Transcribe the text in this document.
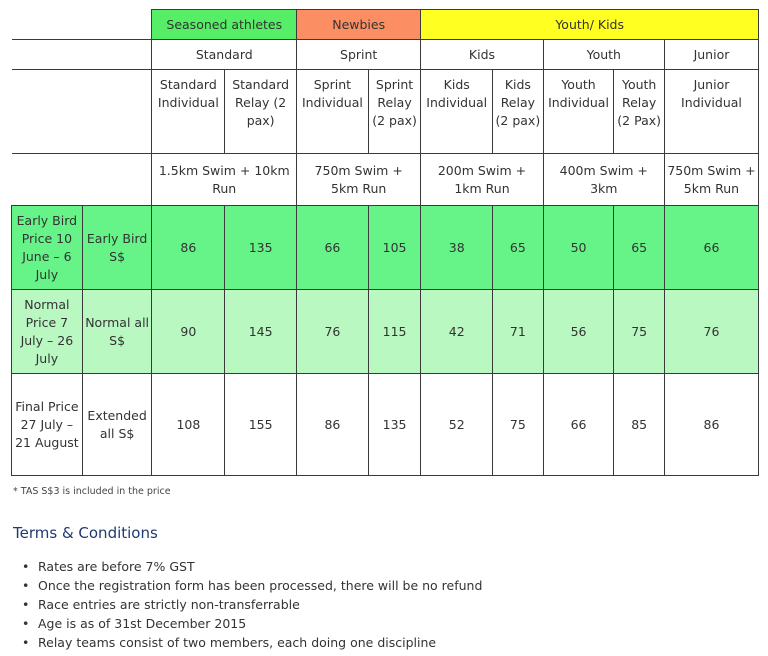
		Seasoned athletes		Newbies		Youth/ Kids				
		Standard		Sprint		Kids		Youth		Junior
		Standard Individual	Standard Relay (2 pax)	Sprint Individual	Sprint Relay (2 pax)	Kids Individual	Kids Relay (2 pax)	Youth Individual	Youth Relay (2 Pax)	Junior Individual
		1.5km Swim + 10km Run		750m Swim + 5km Run		200m Swim + 1km Run		400m Swim + 3km		750m Swim + 5km Run
Early Bird Price 10 June – 6 July	Early Bird S$	86	135	66	105	38	65	50	65	66
Normal Price 7 July – 26 July	Normal all S$	90	145	76	115	42	71	56	75	76
Final Price 27 July – 21 August	Extended all S$	108	155	86	135	52	75	66	85	86
* TAS S$3 is included in the price
Terms & Conditions
• Rates are before 7% GST
• Once the registration form has been processed, there will be no refund
• Race entries are strictly non-transferrable
• Age is as of 31st December 2015
• Relay teams consist of two members, each doing one discipline
